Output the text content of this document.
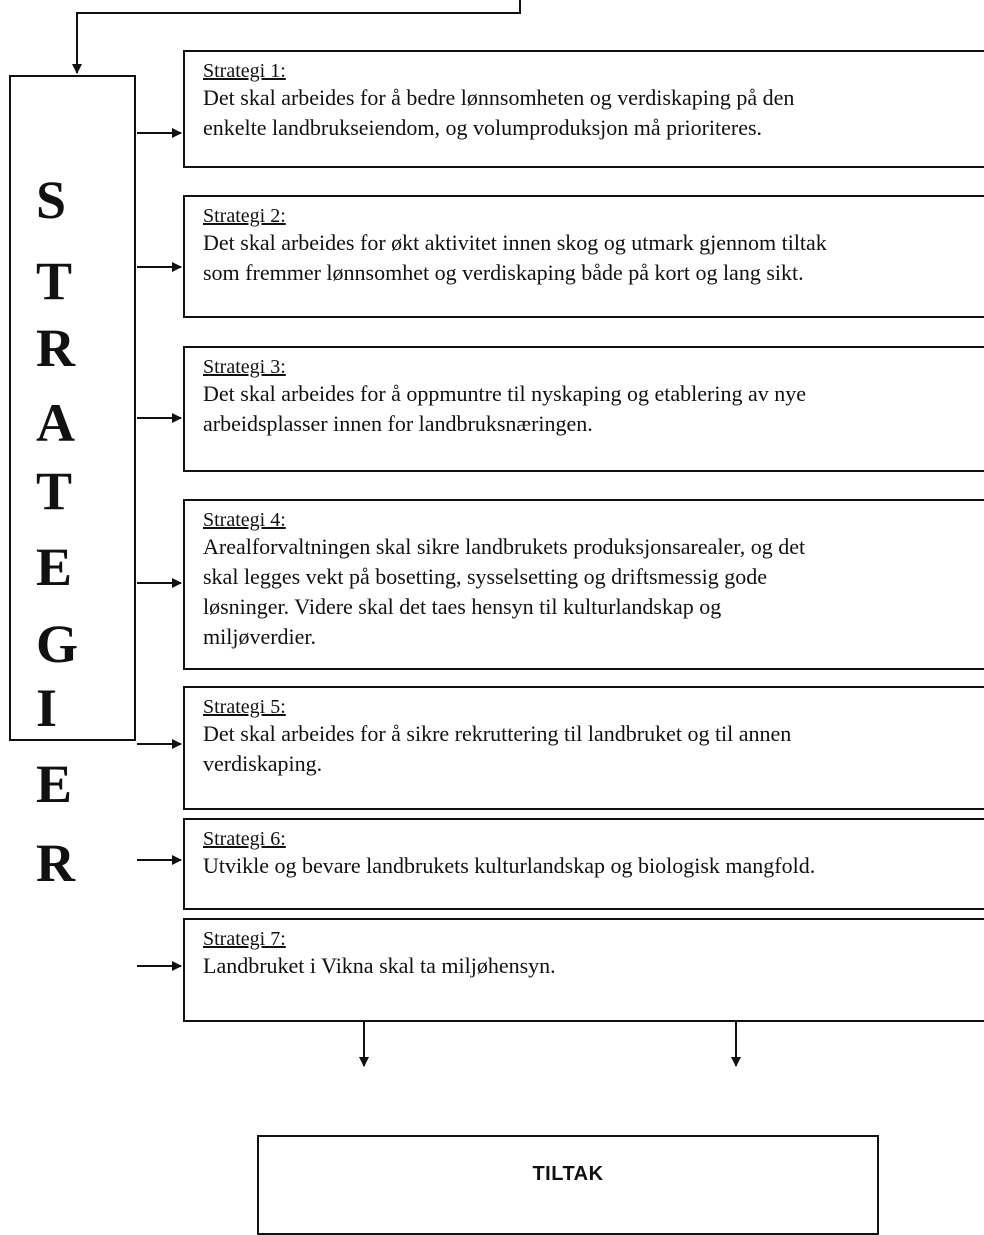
S
T
R
A
T
E
G
I
E
R
Strategi 1:
Det skal arbeides for å bedre lønnsomheten og verdiskaping på den
enkelte landbrukseiendom, og volumproduksjon må prioriteres.
Strategi 2:
Det skal arbeides for økt aktivitet innen skog og utmark gjennom tiltak
som fremmer lønnsomhet og verdiskaping både på kort og lang sikt.
Strategi 3:
Det skal arbeides for å oppmuntre til nyskaping og etablering av nye
arbeidsplasser innen for landbruksnæringen.
Strategi 4:
Arealforvaltningen skal sikre landbrukets produksjonsarealer, og det
skal legges vekt på bosetting, sysselsetting og driftsmessig gode
løsninger. Videre skal det taes hensyn til kulturlandskap og
miljøverdier.
Strategi 5:
Det skal arbeides for å sikre rekruttering til landbruket og til annen
verdiskaping.
Strategi 6:
Utvikle og bevare landbrukets kulturlandskap og biologisk mangfold.
Strategi 7:
Landbruket i Vikna skal ta miljøhensyn.
TILTAK
